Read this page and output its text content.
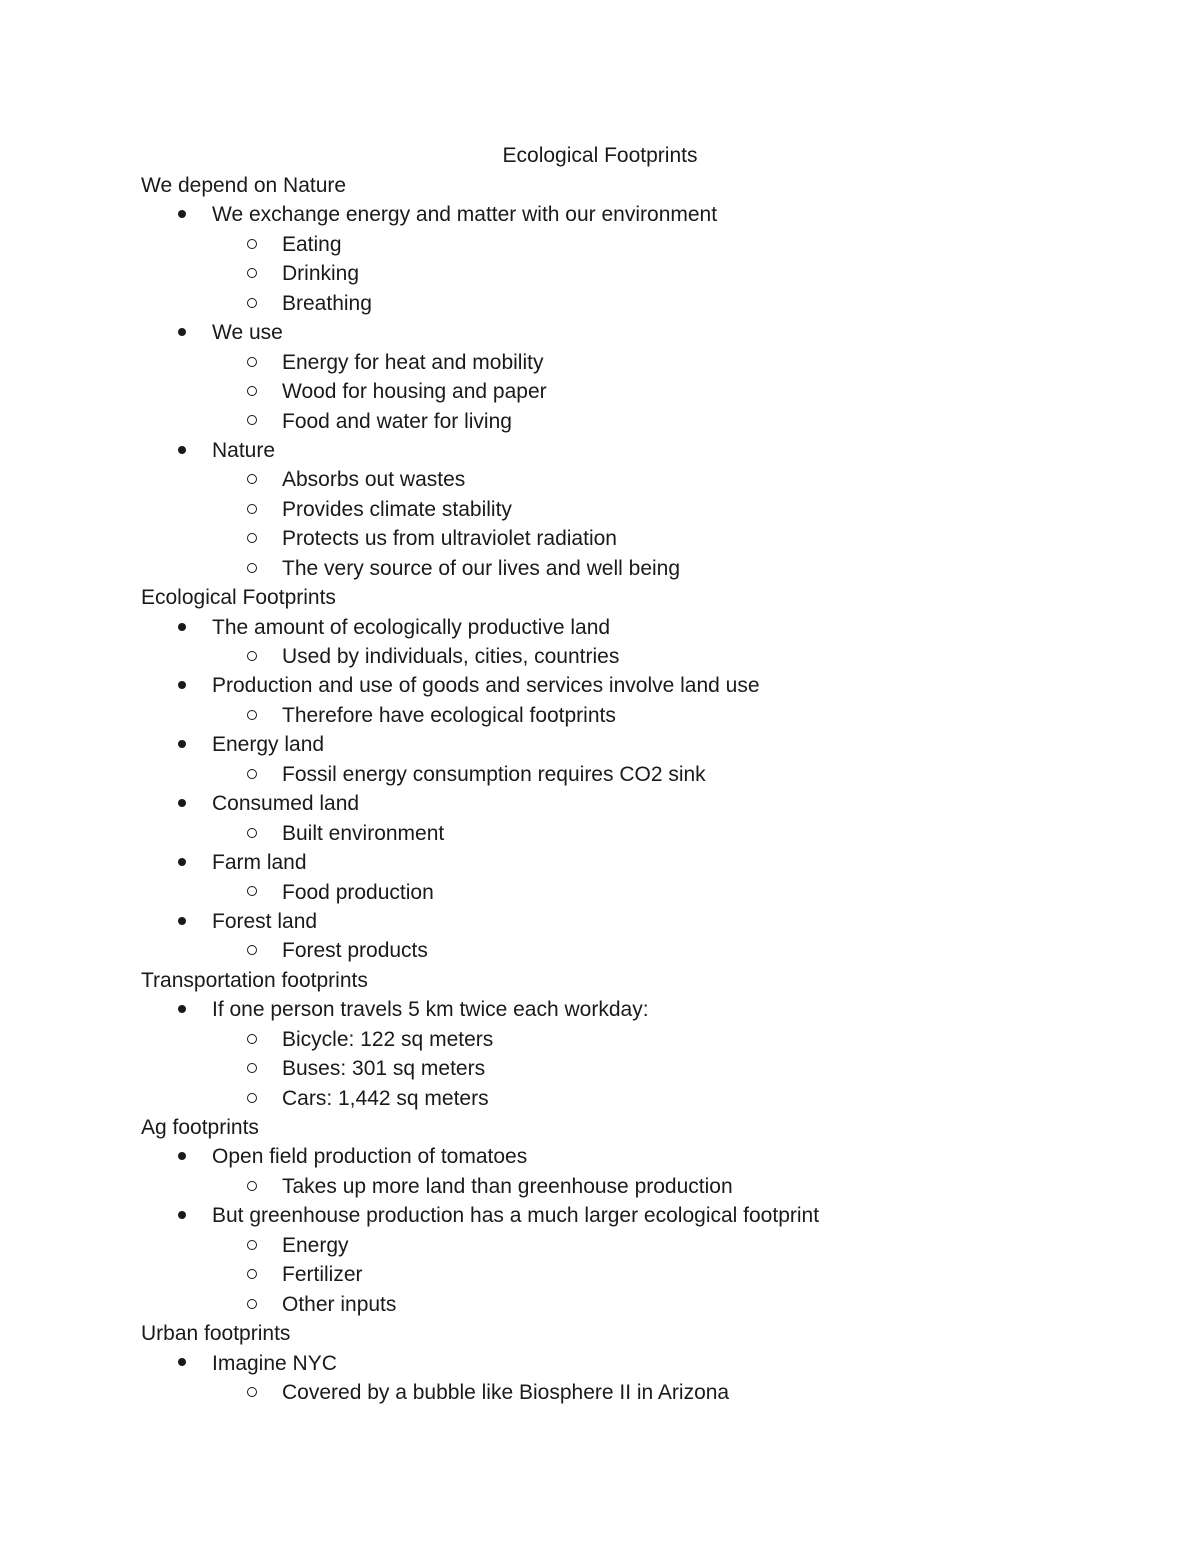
Ecological Footprints
We depend on Nature
We exchange energy and matter with our environment
Eating
Drinking
Breathing
We use
Energy for heat and mobility
Wood for housing and paper
Food and water for living
Nature
Absorbs out wastes
Provides climate stability
Protects us from ultraviolet radiation
The very source of our lives and well being
Ecological Footprints
The amount of ecologically productive land
Used by individuals, cities, countries
Production and use of goods and services involve land use
Therefore have ecological footprints
Energy land
Fossil energy consumption requires CO2 sink
Consumed land
Built environment
Farm land
Food production
Forest land
Forest products
Transportation footprints
If one person travels 5 km twice each workday:
Bicycle: 122 sq meters
Buses: 301 sq meters
Cars: 1,442 sq meters
Ag footprints
Open field production of tomatoes
Takes up more land than greenhouse production
But greenhouse production has a much larger ecological footprint
Energy
Fertilizer
Other inputs
Urban footprints
Imagine NYC
Covered by a bubble like Biosphere II in Arizona
